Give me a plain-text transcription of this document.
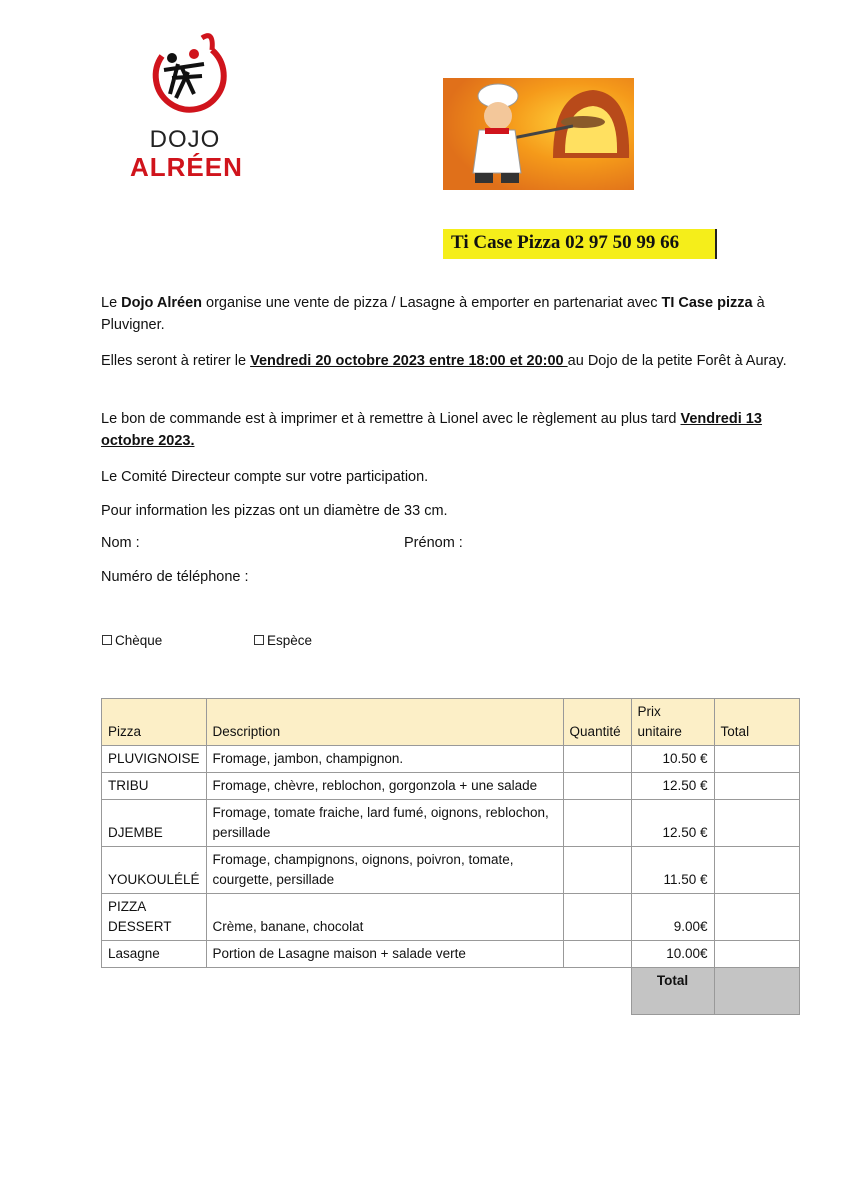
DOJO
ALRÉEN
Ti Case Pizza 02 97 50 99 66
Le Dojo Alréen organise une vente de pizza / Lasagne à emporter en partenariat avec TI Case pizza à Pluvigner.
Elles seront à retirer le Vendredi 20 octobre 2023 entre 18:00 et 20:00 au Dojo de la petite Forêt à Auray.
Le bon de commande est à imprimer et à remettre à Lionel avec le règlement au plus tard Vendredi 13 octobre 2023.
Le Comité Directeur compte sur votre participation.
Pour information les pizzas ont un diamètre de 33 cm.
Nom :	Prénom :
Numéro de téléphone :
Chèque	Espèce
Pizza	Description	Quantité	Prix unitaire	Total
PLUVIGNOISE	Fromage, jambon, champignon.		10.50 €	
TRIBU	Fromage, chèvre, reblochon, gorgonzola + une salade		12.50 €	
DJEMBE	Fromage, tomate fraiche, lard fumé, oignons, reblochon, persillade		12.50 €	
YOUKOULÉLÉ	Fromage, champignons, oignons, poivron, tomate, courgette, persillade		11.50 €	
PIZZA DESSERT	Crème, banane, chocolat		9.00€	
Lasagne	Portion de Lasagne maison + salade verte		10.00€	
			Total	
